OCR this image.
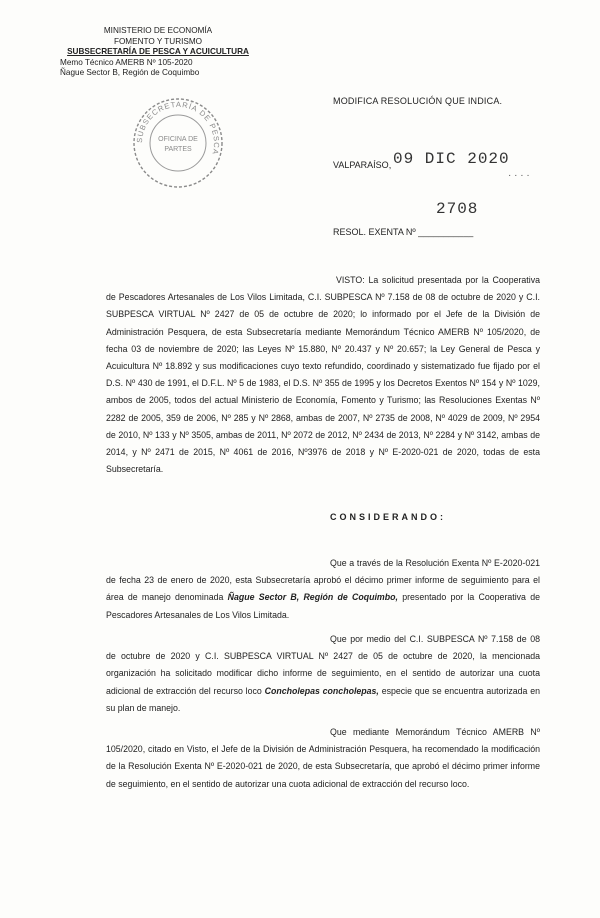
MINISTERIO DE ECONOMÍA
FOMENTO Y TURISMO
SUBSECRETARÍA DE PESCA Y ACUICULTURA
Memo Técnico AMERB Nº 105-2020
Ñague Sector B, Región de Coquimbo
SUBSECRETARÍA DE PESCA
OFICINA DE
PARTES
MODIFICA RESOLUCIÓN QUE INDICA.
VALPARAÍSO, 09 DIC 2020
· · · ·
2708
RESOL. EXENTA Nº ___________
VISTO: La solicitud presentada por la Cooperativa de Pescadores Artesanales de Los Vilos Limitada, C.I. SUBPESCA Nº 7.158 de 08 de octubre de 2020 y C.I. SUBPESCA VIRTUAL Nº 2427 de 05 de octubre de 2020; lo informado por el Jefe de la División de Administración Pesquera, de esta Subsecretaría mediante Memorándum Técnico AMERB Nº 105/2020, de fecha 03 de noviembre de 2020; las Leyes Nº 15.880, Nº 20.437 y Nº 20.657; la Ley General de Pesca y Acuicultura Nº 18.892 y sus modificaciones cuyo texto refundido, coordinado y sistematizado fue fijado por el D.S. Nº 430 de 1991, el D.F.L. Nº 5 de 1983, el D.S. Nº 355 de 1995 y los Decretos Exentos Nº 154 y Nº 1029, ambos de 2005, todos del actual Ministerio de Economía, Fomento y Turismo; las Resoluciones Exentas Nº 2282 de 2005, 359 de 2006, Nº 285 y Nº 2868, ambas de 2007, Nº 2735 de 2008, Nº 4029 de 2009, Nº 2954 de 2010, Nº 133 y Nº 3505, ambas de 2011, Nº 2072 de 2012, Nº 2434 de 2013, Nº 2284 y Nº 3142, ambas de 2014, y Nº 2471 de 2015, Nº 4061 de 2016, Nº3976 de 2018 y Nº E-2020-021 de 2020, todas de esta Subsecretaría.
CONSIDERANDO:
Que a través de la Resolución Exenta Nº E-2020-021 de fecha 23 de enero de 2020, esta Subsecretaría aprobó el décimo primer informe de seguimiento para el área de manejo denominada Ñague Sector B, Región de Coquimbo, presentado por la Cooperativa de Pescadores Artesanales de Los Vilos Limitada.
Que por medio del C.I. SUBPESCA Nº 7.158 de 08 de octubre de 2020 y C.I. SUBPESCA VIRTUAL Nº 2427 de 05 de octubre de 2020, la mencionada organización ha solicitado modificar dicho informe de seguimiento, en el sentido de autorizar una cuota adicional de extracción del recurso loco Concholepas concholepas, especie que se encuentra autorizada en su plan de manejo.
Que mediante Memorándum Técnico AMERB Nº 105/2020, citado en Visto, el Jefe de la División de Administración Pesquera, ha recomendado la modificación de la Resolución Exenta Nº E-2020-021 de 2020, de esta Subsecretaría, que aprobó el décimo primer informe de seguimiento, en el sentido de autorizar una cuota adicional de extracción del recurso loco.
